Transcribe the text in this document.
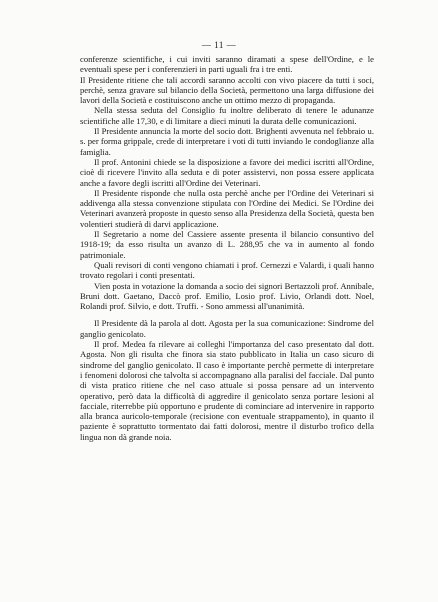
— 11 —

conferenze scientifiche, i cui inviti saranno diramati a spese dell'Ordine, e le eventuali spese per i conferenzieri in parti uguali fra i tre enti.

Il Presidente ritiene che tali accordi saranno accolti con vivo piacere da tutti i soci, perchè, senza gravare sul bilancio della Società, permettono una larga diffusione dei lavori della Società e costituiscono anche un ottimo mezzo di propaganda.

Nella stessa seduta del Consiglio fu inoltre deliberato di tenere le adunanze scientifiche alle 17,30, e di limitare a dieci minuti la durata delle comunicazioni.

Il Presidente annuncia la morte del socio dott. Brighenti avvenuta nel febbraio u. s. per forma grippale, crede di interpretare i voti di tutti inviando le condoglianze alla famiglia.

Il prof. Antonini chiede se la disposizione a favore dei medici iscritti all'Ordine, cioè di ricevere l'invito alla seduta e di poter assistervi, non possa essere applicata anche a favore degli iscritti all'Ordine dei Veterinari.

Il Presidente risponde che nulla osta perchè anche per l'Ordine dei Veterinari si addivenga alla stessa convenzione stipulata con l'Ordine dei Medici. Se l'Ordine dei Veterinari avanzerà proposte in questo senso alla Presidenza della Società, questa ben volentieri studierà di darvi applicazione.

Il Segretario a nome del Cassiere assente presenta il bilancio consuntivo del 1918-19; da esso risulta un avanzo di L. 288,95 che va in aumento al fondo patrimoniale.

Quali revisori di conti vengono chiamati i prof. Cernezzi e Valardi, i quali hanno trovato regolari i conti presentati.

Vien posta in votazione la domanda a socio dei signori Bertazzoli prof. Annibale, Bruni dott. Gaetano, Daccò prof. Emilio, Losio prof. Livio, Orlandi dott. Noel, Rolandi prof. Silvio, e dott. Truffi. - Sono ammessi all'unanimità.

Il Presidente dà la parola al dott. Agosta per la sua comunicazione: Sindrome del ganglio genicolato.

Il prof. Medea fa rilevare ai colleghi l'importanza del caso presentato dal dott. Agosta. Non gli risulta che finora sia stato pubblicato in Italia un caso sicuro di sindrome del ganglio genicolato. Il caso è importante perchè permette di interpretare i fenomeni dolorosi che talvolta si accompagnano alla paralisi del facciale. Dal punto di vista pratico ritiene che nel caso attuale si possa pensare ad un intervento operativo, però data la difficoltà di aggredire il genicolato senza portare lesioni al facciale, riterrebbe più opportuno e prudente di cominciare ad intervenire in rapporto alla branca auricolo-temporale (recisione con eventuale strappamento), in quanto il paziente è soprattutto tormentato dai fatti dolorosi, mentre il disturbo trofico della lingua non dà grande noia.
